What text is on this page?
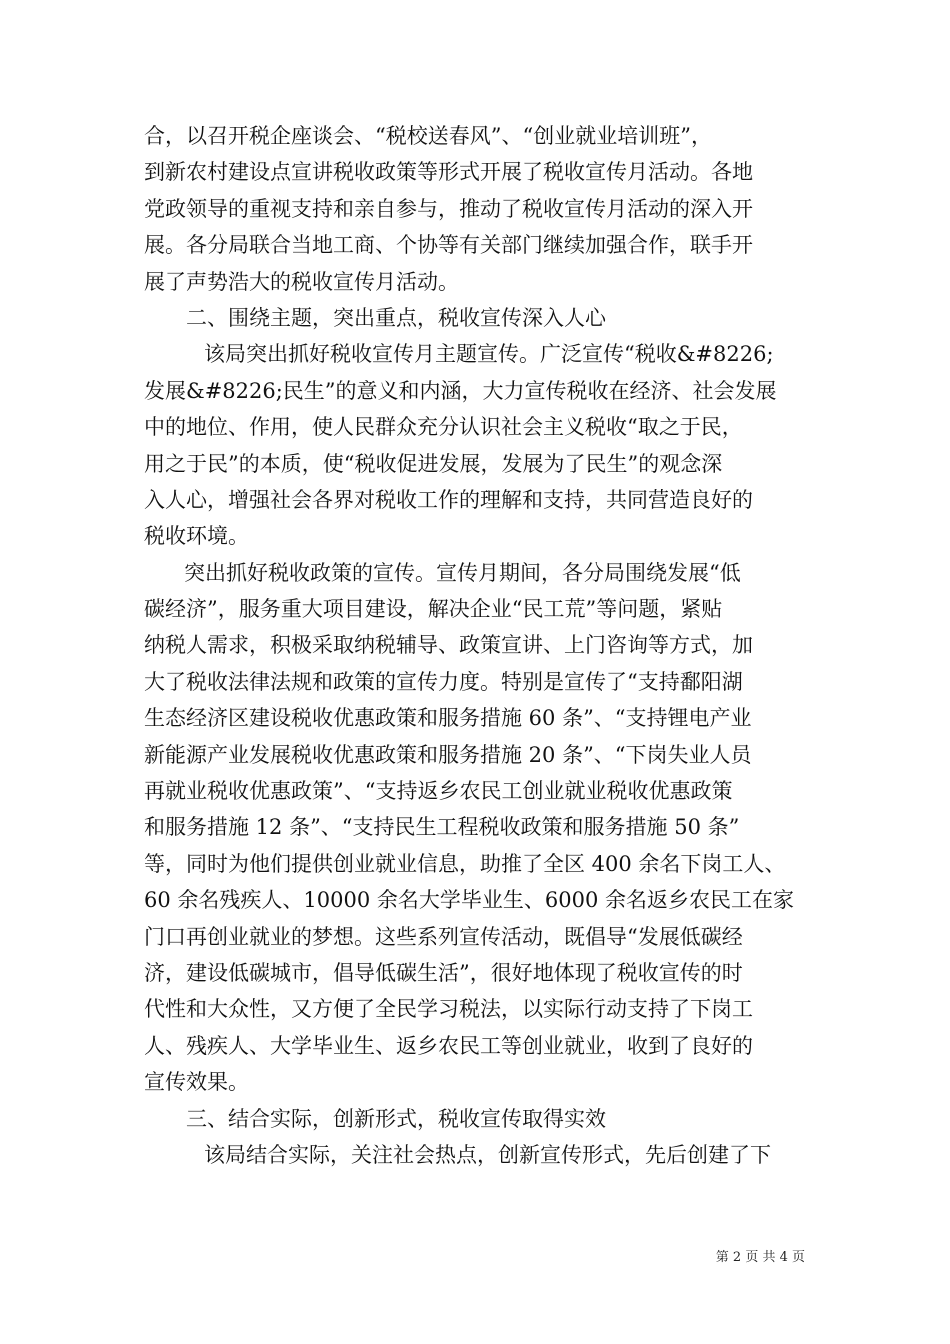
合，以召开税企座谈会、“税校送春风”、“创业就业培训班”，
到新农村建设点宣讲税收政策等形式开展了税收宣传月活动。各地
党政领导的重视支持和亲自参与，推动了税收宣传月活动的深入开
展。各分局联合当地工商、个协等有关部门继续加强合作，联手开
展了声势浩大的税收宣传月活动。
二、围绕主题，突出重点，税收宣传深入人心
该局突出抓好税收宣传月主题宣传。广泛宣传“税收&#8226;
发展&#8226;民生”的意义和内涵，大力宣传税收在经济、社会发展
中的地位、作用，使人民群众充分认识社会主义税收“取之于民，
用之于民”的本质，使“税收促进发展，发展为了民生”的观念深
入人心，增强社会各界对税收工作的理解和支持，共同营造良好的
税收环境。
突出抓好税收政策的宣传。宣传月期间，各分局围绕发展“低
碳经济”，服务重大项目建设，解决企业“民工荒”等问题，紧贴
纳税人需求，积极采取纳税辅导、政策宣讲、上门咨询等方式，加
大了税收法律法规和政策的宣传力度。特别是宣传了“支持鄱阳湖
生态经济区建设税收优惠政策和服务措施 60 条”、“支持锂电产业
新能源产业发展税收优惠政策和服务措施 20 条”、“下岗失业人员
再就业税收优惠政策”、“支持返乡农民工创业就业税收优惠政策
和服务措施 12 条”、“支持民生工程税收政策和服务措施 50 条”
等，同时为他们提供创业就业信息，助推了全区 400 余名下岗工人、
60 余名残疾人、10000 余名大学毕业生、6000 余名返乡农民工在家
门口再创业就业的梦想。这些系列宣传活动，既倡导“发展低碳经
济，建设低碳城市，倡导低碳生活”，很好地体现了税收宣传的时
代性和大众性，又方便了全民学习税法，以实际行动支持了下岗工
人、残疾人、大学毕业生、返乡农民工等创业就业，收到了良好的
宣传效果。
三、结合实际，创新形式，税收宣传取得实效
该局结合实际，关注社会热点，创新宣传形式，先后创建了下
第 2 页 共 4 页
